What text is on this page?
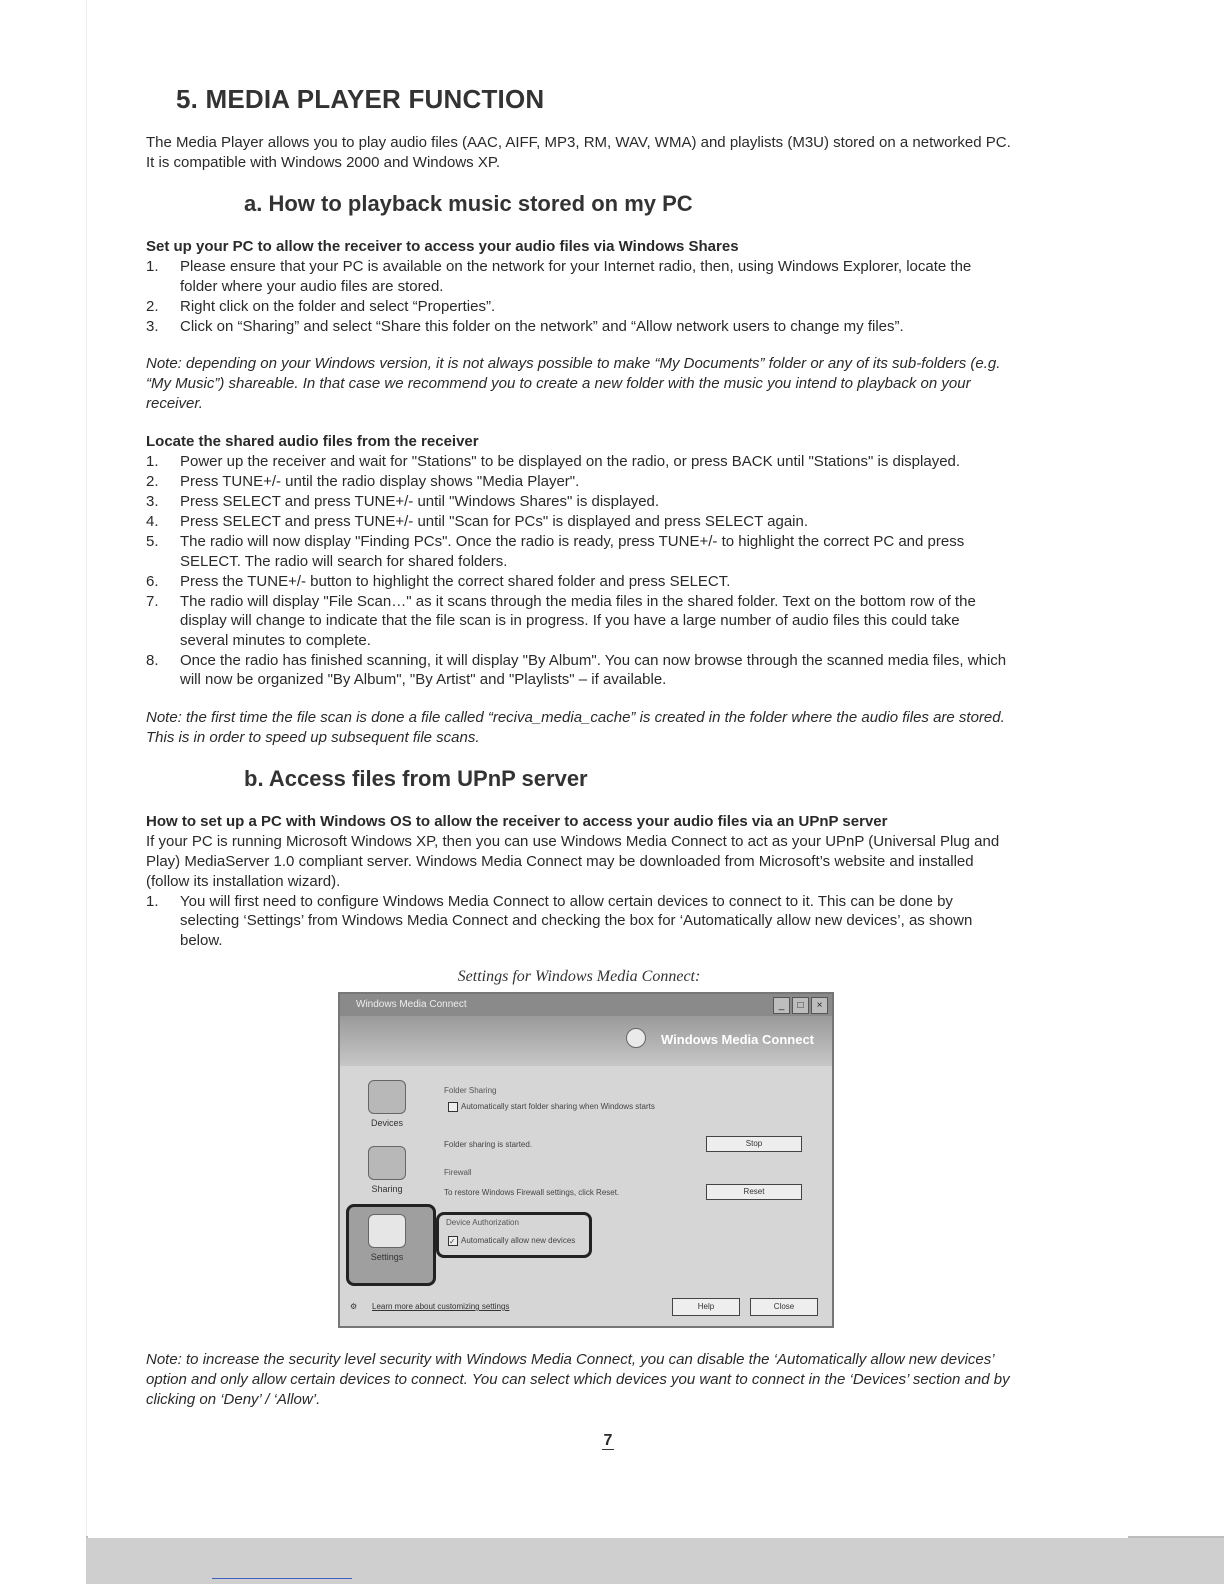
5. MEDIA PLAYER FUNCTION

The Media Player allows you to play audio files (AAC, AIFF, MP3, RM, WAV, WMA) and playlists (M3U) stored on a networked PC. It is compatible with Windows 2000 and Windows XP.

a. How to playback music stored on my PC

Set up your PC to allow the receiver to access your audio files via Windows Shares

1. Please ensure that your PC is available on the network for your Internet radio, then, using Windows Explorer, locate the folder where your audio files are stored.
2. Right click on the folder and select “Properties”.
3. Click on “Sharing” and select “Share this folder on the network” and “Allow network users to change my files”.

Note: depending on your Windows version, it is not always possible to make “My Documents” folder or any of its sub-folders (e.g. “My Music”) shareable. In that case we recommend you to create a new folder with the music you intend to playback on your receiver.

Locate the shared audio files from the receiver

1. Power up the receiver and wait for "Stations" to be displayed on the radio, or press BACK until "Stations" is displayed.
2. Press TUNE+/- until the radio display shows "Media Player".
3. Press SELECT and press TUNE+/- until "Windows Shares" is displayed.
4. Press SELECT and press TUNE+/- until "Scan for PCs" is displayed and press SELECT again.
5. The radio will now display "Finding PCs". Once the radio is ready, press TUNE+/- to highlight the correct PC and press SELECT. The radio will search for shared folders.
6. Press the TUNE+/- button to highlight the correct shared folder and press SELECT.
7. The radio will display "File Scan…" as it scans through the media files in the shared folder. Text on the bottom row of the display will change to indicate that the file scan is in progress. If you have a large number of audio files this could take several minutes to complete.
8. Once the radio has finished scanning, it will display "By Album". You can now browse through the scanned media files, which will now be organized "By Album", "By Artist" and "Playlists" – if available.

Note: the first time the file scan is done a file called “reciva_media_cache” is created in the folder where the audio files are stored. This is in order to speed up subsequent file scans.

b. Access files from UPnP server

How to set up a PC with Windows OS to allow the receiver to access your audio files via an UPnP server

If your PC is running Microsoft Windows XP, then you can use Windows Media Connect to act as your UPnP (Universal Plug and Play) MediaServer 1.0 compliant server. Windows Media Connect may be downloaded from Microsoft’s website and installed (follow its installation wizard).

1. You will first need to configure Windows Media Connect to allow certain devices to connect to it. This can be done by selecting ‘Settings’ from Windows Media Connect and checking the box for ‘Automatically allow new devices’, as shown below.
Settings for Windows Media Connect:
Windows Media Connect	_	□	×
Windows Media Connect
Devices
Sharing
Settings
Folder Sharing
Automatically start folder sharing when Windows starts
Folder sharing is started.	Stop
Firewall
To restore Windows Firewall settings, click Reset.	Reset
Device Authorization
✓ Automatically allow new devices
⚙ Learn more about customizing settings	Help	Close

Note: to increase the security level security with Windows Media Connect, you can disable the ‘Automatically allow new devices’ option and only allow certain devices to connect. You can select which devices you want to connect in the ‘Devices’ section and by clicking on ‘Deny’ / ‘Allow’.

7
